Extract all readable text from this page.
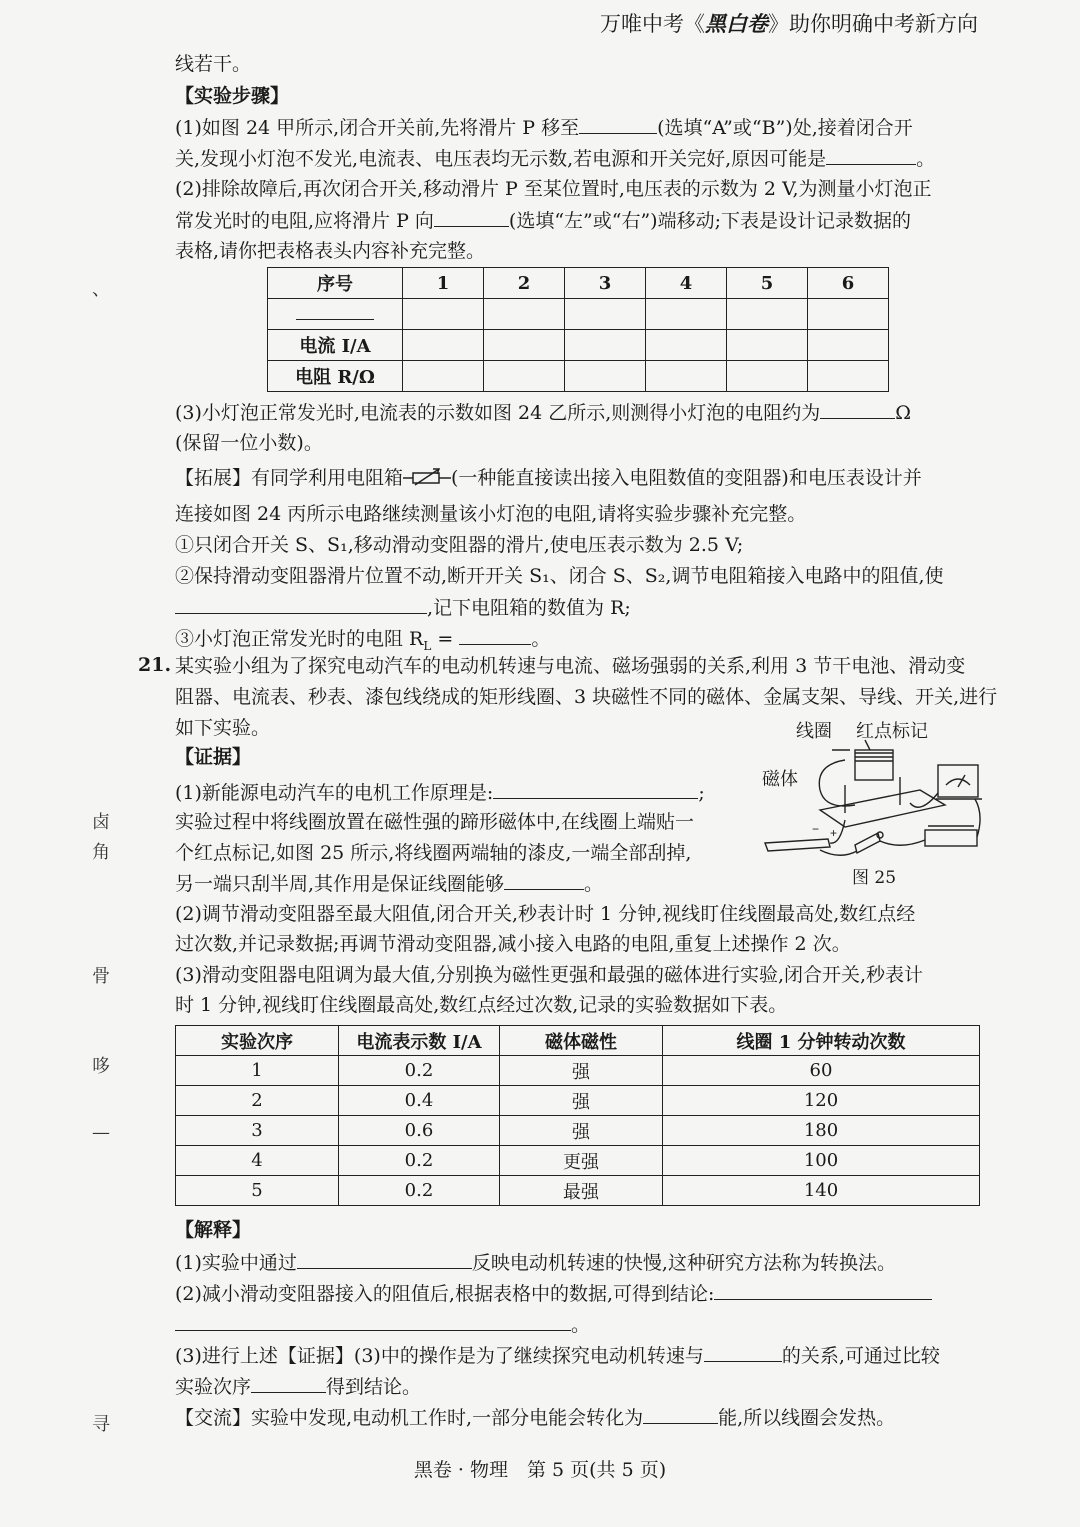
万唯中考《黑白卷》助你明确中考新方向
、
卤
角
骨
哆
—
寻
线若干。
【实验步骤】
(1)如图 24 甲所示,闭合开关前,先将滑片 P 移至	(选填“A”或“B”)处,接着闭合开
关,发现小灯泡不发光,电流表、电压表均无示数,若电源和开关完好,原因可能是	。
(2)排除故障后,再次闭合开关,移动滑片 P 至某位置时,电压表的示数为 2 V,为测量小灯泡正
常发光时的电阻,应将滑片 P 向	(选填“左”或“右”)端移动;下表是设计记录数据的
表格,请你把表格表头内容补充完整。
序号	1	2	3	4	5	6

电流 I/A						
电阻 R/Ω						
(3)小灯泡正常发光时,电流表的示数如图 24 乙所示,则测得小灯泡的电阻约为	Ω
(保留一位小数)。
【拓展】有同学利用电阻箱	(一种能直接读出接入电阻数值的变阻器)和电压表设计并
连接如图 24 丙所示电路继续测量该小灯泡的电阻,请将实验步骤补充完整。
①只闭合开关 S、S₁,移动滑动变阻器的滑片,使电压表示数为 2.5 V;
②保持滑动变阻器滑片位置不动,断开开关 S₁、闭合 S、S₂,调节电阻箱接入电路中的阻值,使
,记下电阻箱的数值为 R;
③小灯泡正常发光时的电阻 $R_L$ =	。
21. 某实验小组为了探究电动汽车的电动机转速与电流、磁场强弱的关系,利用 3 节干电池、滑动变
阻器、电流表、秒表、漆包线绕成的矩形线圈、3 块磁性不同的磁体、金属支架、导线、开关,进行
如下实验。
【证据】
(1)新能源电动汽车的电机工作原理是:	;
实验过程中将线圈放置在磁性强的蹄形磁体中,在线圈上端贴一
个红点标记,如图 25 所示,将线圈两端轴的漆皮,一端全部刮掉,
另一端只刮半周,其作用是保证线圈能够	。
线圈 红点标记
磁体
− +
图 25
(2)调节滑动变阻器至最大阻值,闭合开关,秒表计时 1 分钟,视线盯住线圈最高处,数红点经
过次数,并记录数据;再调节滑动变阻器,减小接入电路的电阻,重复上述操作 2 次。
(3)滑动变阻器电阻调为最大值,分别换为磁性更强和最强的磁体进行实验,闭合开关,秒表计
时 1 分钟,视线盯住线圈最高处,数红点经过次数,记录的实验数据如下表。
实验次序	电流表示数 I/A	磁体磁性	线圈 1 分钟转动次数
1	0.2	强	60
2	0.4	强	120
3	0.6	强	180
4	0.2	更强	100
5	0.2	最强	140
【解释】
(1)实验中通过	反映电动机转速的快慢,这种研究方法称为转换法。
(2)减小滑动变阻器接入的阻值后,根据表格中的数据,可得到结论:
。
(3)进行上述【证据】(3)中的操作是为了继续探究电动机转速与	的关系,可通过比较
实验次序	得到结论。
【交流】实验中发现,电动机工作时,一部分电能会转化为	能,所以线圈会发热。
黑卷 · 物理　第 5 页(共 5 页)
